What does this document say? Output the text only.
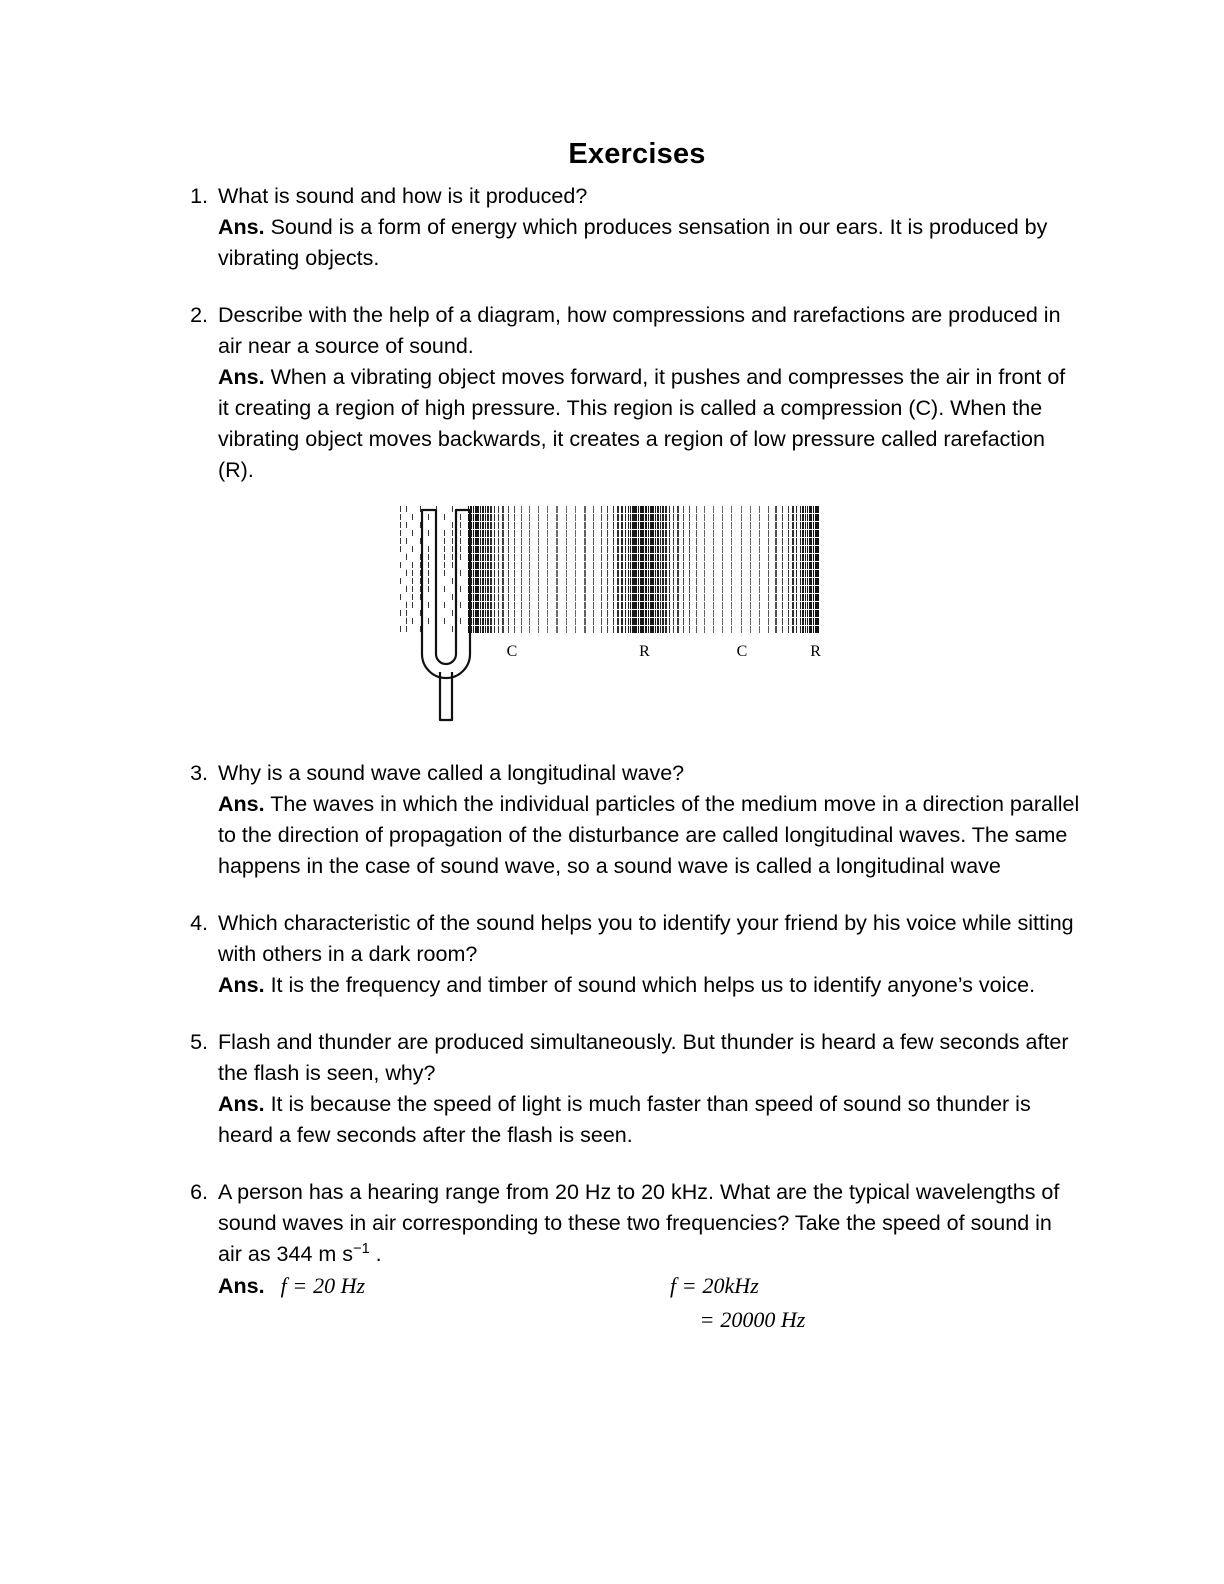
Exercises
1. What is sound and how is it produced?
Ans. Sound is a form of energy which produces sensation in our ears. It is produced by vibrating objects.
2. Describe with the help of a diagram, how compressions and rarefactions are produced in air near a source of sound.
Ans. When a vibrating object moves forward, it pushes and compresses the air in front of it creating a region of high pressure. This region is called a compression (C). When the vibrating object moves backwards, it creates a region of low pressure called rarefaction (R).
C	R	C	R
3. Why is a sound wave called a longitudinal wave?
Ans. The waves in which the individual particles of the medium move in a direction parallel to the direction of propagation of the disturbance are called longitudinal waves. The same happens in the case of sound wave, so a sound wave is called a longitudinal wave
4. Which characteristic of the sound helps you to identify your friend by his voice while sitting with others in a dark room?
Ans. It is the frequency and timber of sound which helps us to identify anyone’s voice.
5. Flash and thunder are produced simultaneously. But thunder is heard a few seconds after the flash is seen, why?
Ans. It is because the speed of light is much faster than speed of sound so thunder is heard a few seconds after the flash is seen.
6. A person has a hearing range from 20 Hz to 20 kHz. What are the typical wavelengths of sound waves in air corresponding to these two frequencies? Take the speed of sound in air as 344 m $s^{-1}$ .
Ans. f = 20 Hz	f = 20kHz
= 20000 Hz
